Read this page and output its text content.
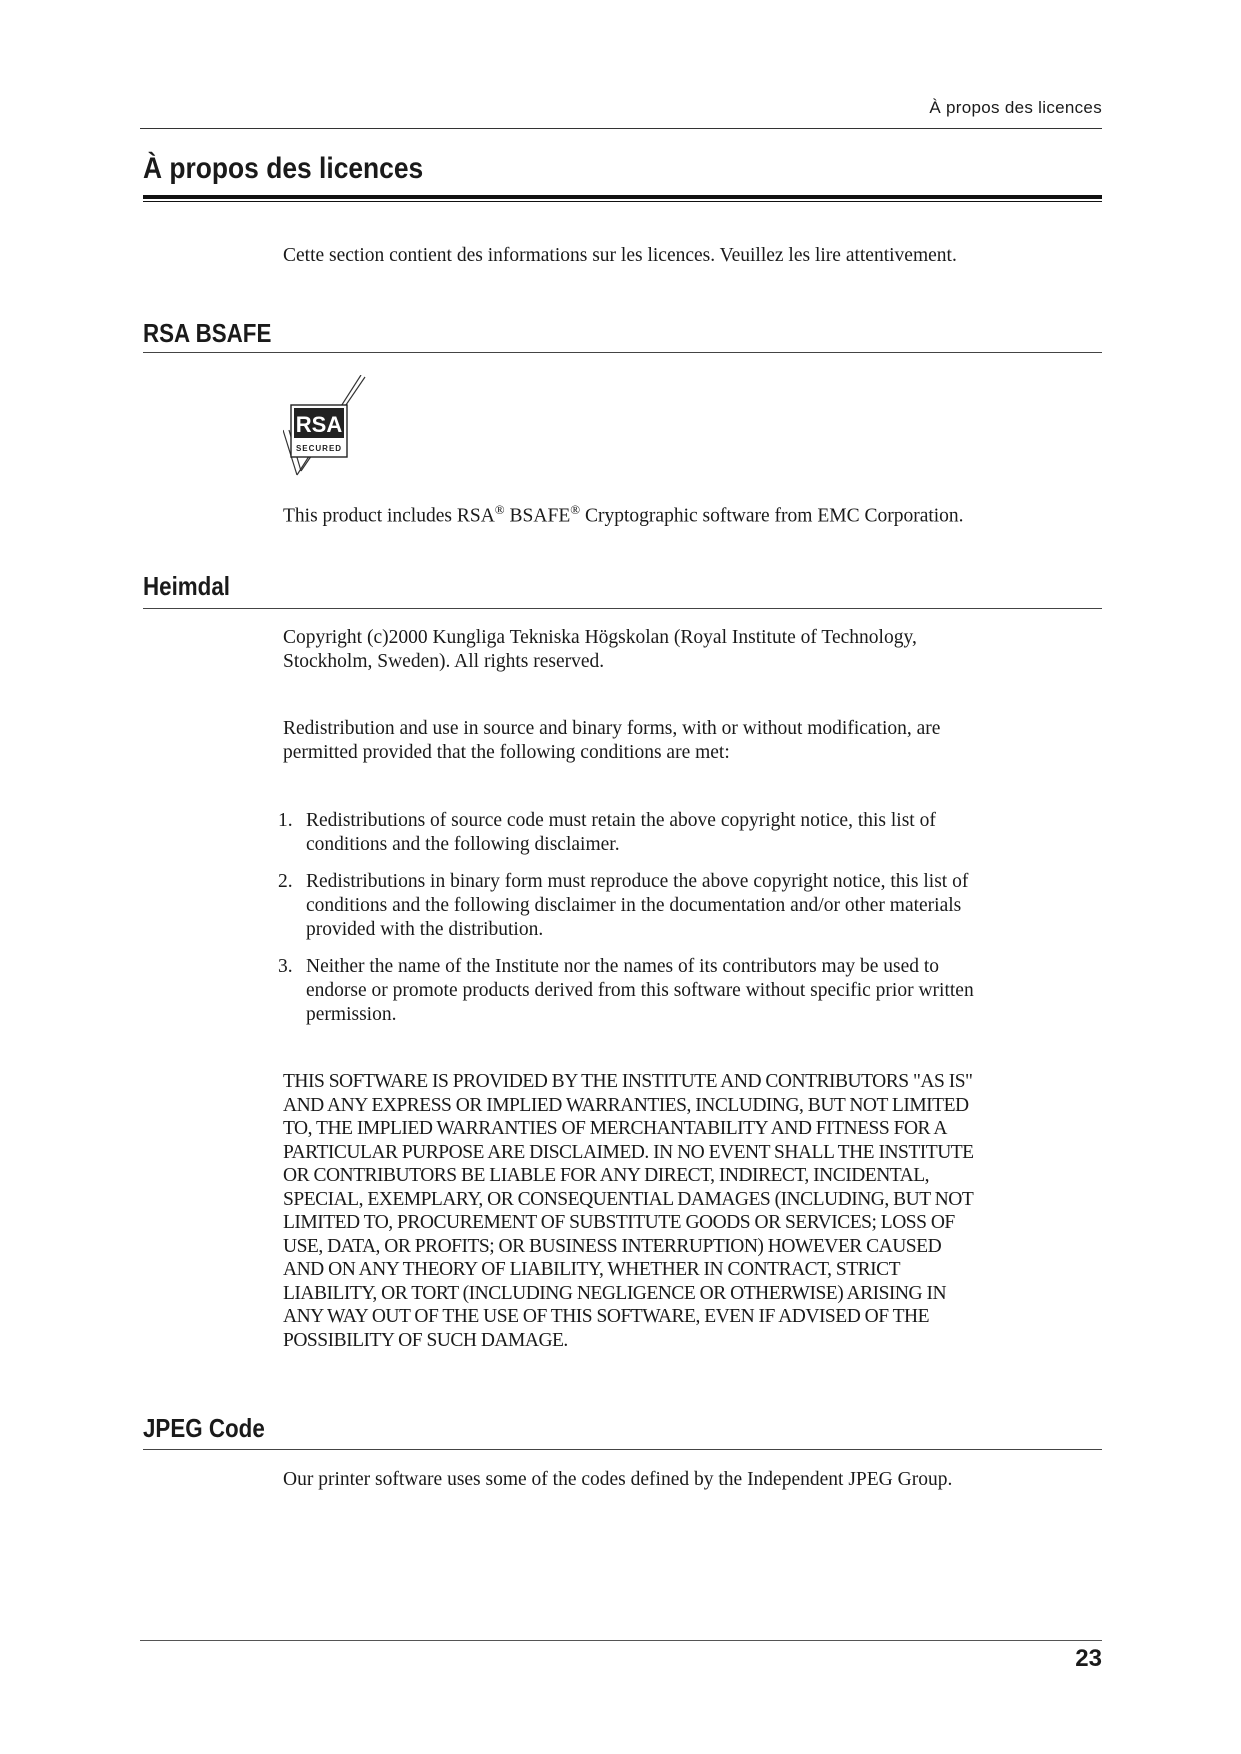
À propos des licences
À propos des licences
Cette section contient des informations sur les licences. Veuillez les lire attentivement.
RSA BSAFE
RSA
SECURED
This product includes RSA® BSAFE® Cryptographic software from EMC Corporation.
Heimdal
Copyright (c)2000 Kungliga Tekniska Högskolan (Royal Institute of Technology,
Stockholm, Sweden). All rights reserved.
Redistribution and use in source and binary forms, with or without modification, are
permitted provided that the following conditions are met:
1. Redistributions of source code must retain the above copyright notice, this list of
conditions and the following disclaimer.
2. Redistributions in binary form must reproduce the above copyright notice, this list of
conditions and the following disclaimer in the documentation and/or other materials
provided with the distribution.
3. Neither the name of the Institute nor the names of its contributors may be used to
endorse or promote products derived from this software without specific prior written
permission.
THIS SOFTWARE IS PROVIDED BY THE INSTITUTE AND CONTRIBUTORS "AS IS"
AND ANY EXPRESS OR IMPLIED WARRANTIES, INCLUDING, BUT NOT LIMITED
TO, THE IMPLIED WARRANTIES OF MERCHANTABILITY AND FITNESS FOR A
PARTICULAR PURPOSE ARE DISCLAIMED. IN NO EVENT SHALL THE INSTITUTE
OR CONTRIBUTORS BE LIABLE FOR ANY DIRECT, INDIRECT, INCIDENTAL,
SPECIAL, EXEMPLARY, OR CONSEQUENTIAL DAMAGES (INCLUDING, BUT NOT
LIMITED TO, PROCUREMENT OF SUBSTITUTE GOODS OR SERVICES; LOSS OF
USE, DATA, OR PROFITS; OR BUSINESS INTERRUPTION) HOWEVER CAUSED
AND ON ANY THEORY OF LIABILITY, WHETHER IN CONTRACT, STRICT
LIABILITY, OR TORT (INCLUDING NEGLIGENCE OR OTHERWISE) ARISING IN
ANY WAY OUT OF THE USE OF THIS SOFTWARE, EVEN IF ADVISED OF THE
POSSIBILITY OF SUCH DAMAGE.
JPEG Code
Our printer software uses some of the codes defined by the Independent JPEG Group.
23
